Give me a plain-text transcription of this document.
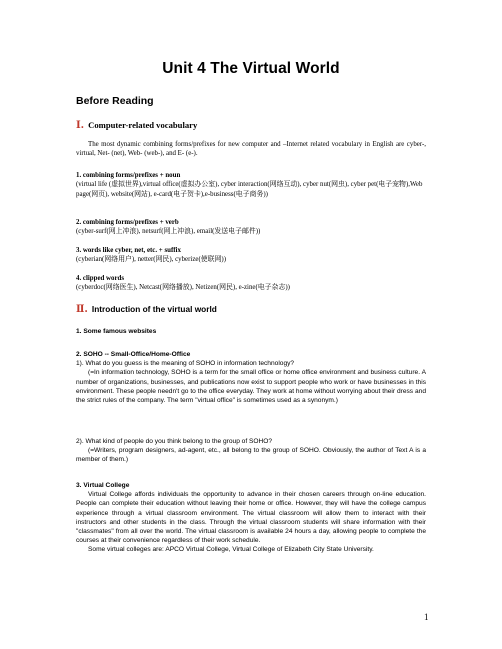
Unit 4 The Virtual World
Before Reading
Ⅰ. Computer-related vocabulary
The most dynamic combining forms/prefixes for new computer and –Internet related vocabulary in English are cyber-, virtual, Net- (net), Web- (web-), and E- (e-).
1. combining forms/prefixes + noun
(virtual life (虚拟世界),virtual office(虚拟办公室), cyber interaction(网络互动), cyber nut(网虫), cyber pet(电子宠物),Web page(网页), website(网站), e-card(电子贺卡),e-business(电子商务))
2. combining forms/prefixes + verb
(cyber-surf(网上冲浪), netsurf(网上冲浪), email(发送电子邮件))
3. words like cyber, net, etc. + suffix
(cyberian(网络用户), netter(网民), cyberize(使联网))
4. clipped words
(cyberdoc(网络医生), Netcast(网络播放), Netizen(网民), e-zine(电子杂志))
Ⅱ. Introduction of the virtual world
1. Some famous websites
2. SOHO -- Small-Office/Home-Office
1). What do you guess is the meaning of SOHO in information technology?
(=In information technology, SOHO is a term for the small office or home office environment and business culture. A number of organizations, businesses, and publications now exist to support people who work or have businesses in this environment. These people needn't go to the office everyday. They work at home without worrying about their dress and the strict rules of the company. The term "virtual office" is sometimes used as a synonym.)
2). What kind of people do you think belong to the group of SOHO?
(=Writers, program designers, ad-agent, etc., all belong to the group of SOHO. Obviously, the author of Text A is a member of them.)
3. Virtual College
Virtual College affords individuals the opportunity to advance in their chosen careers through on-line education. People can complete their education without leaving their home or office. However, they will have the college campus experience through a virtual classroom environment. The virtual classroom will allow them to interact with their instructors and other students in the class. Through the virtual classroom students will share information with their "classmates" from all over the world. The virtual classroom is available 24 hours a day, allowing people to complete the courses at their convenience regardless of their work schedule.
Some virtual colleges are: APCO Virtual College, Virtual College of Elizabeth City State University.
1
